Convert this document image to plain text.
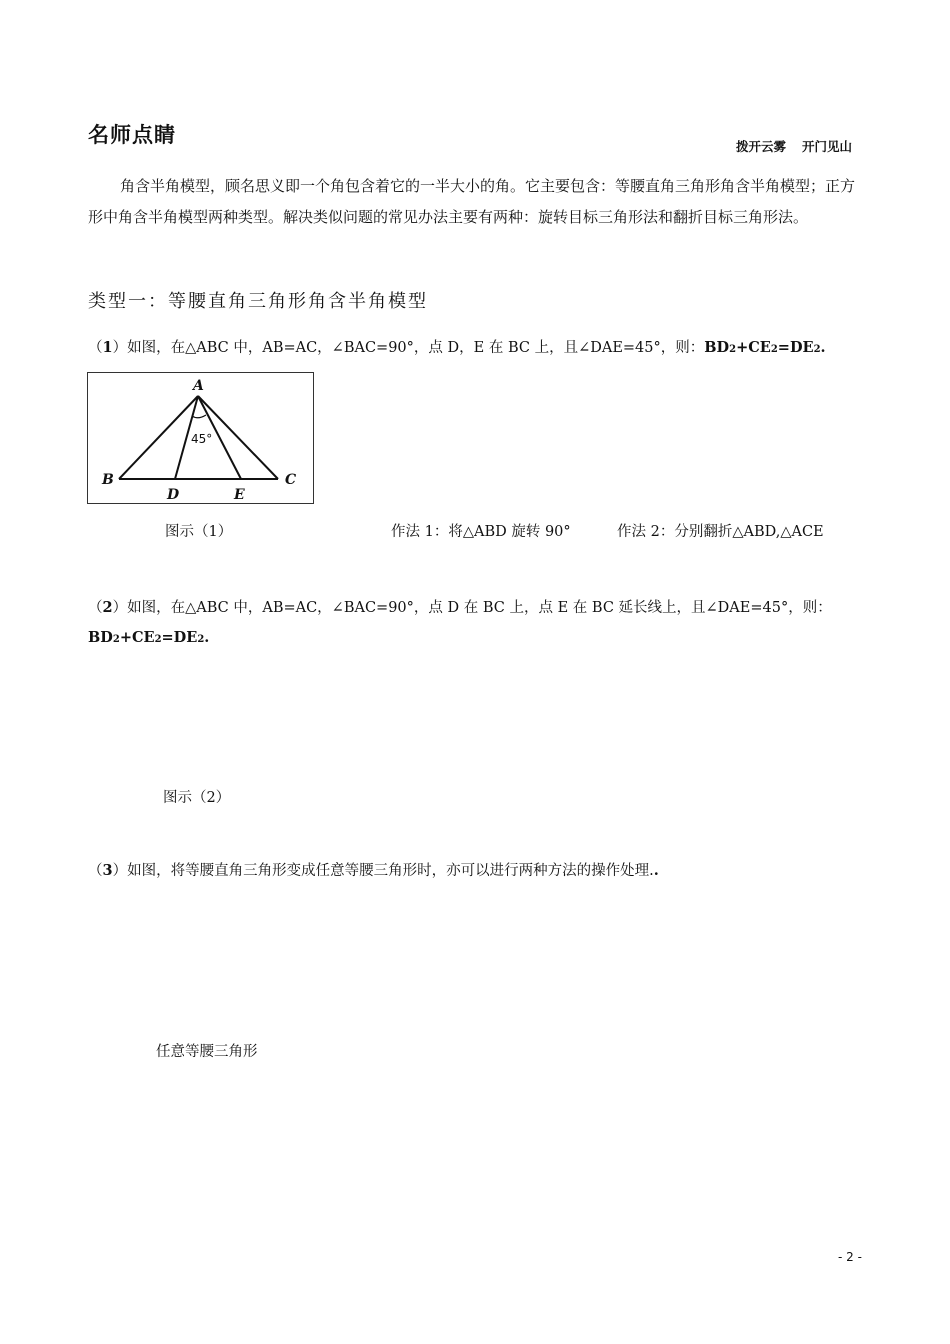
名师点睛	拨开云雾 开门见山
角含半角模型，顾名思义即一个角包含着它的一半大小的角。它主要包含：等腰直角三角形角含半角模型；正方形中角含半角模型两种类型。解决类似问题的常见办法主要有两种：旋转目标三角形法和翻折目标三角形法。
类型一：等腰直角三角形角含半角模型
（1）如图，在△ABC 中，AB=AC，∠BAC=90°，点 D，E 在 BC 上，且∠DAE=45°，则：BD2+CE2=DE2.
A
B	C
D	E
45°
图示（1）	作法 1：将△ABD 旋转 90°	作法 2：分别翻折△ABD,△ACE
（2）如图，在△ABC 中，AB=AC，∠BAC=90°，点 D 在 BC 上，点 E 在 BC 延长线上，且∠DAE=45°，则：BD2+CE2=DE2.
图示（2）
（3）如图，将等腰直角三角形变成任意等腰三角形时，亦可以进行两种方法的操作处理..
任意等腰三角形
- 2 -
